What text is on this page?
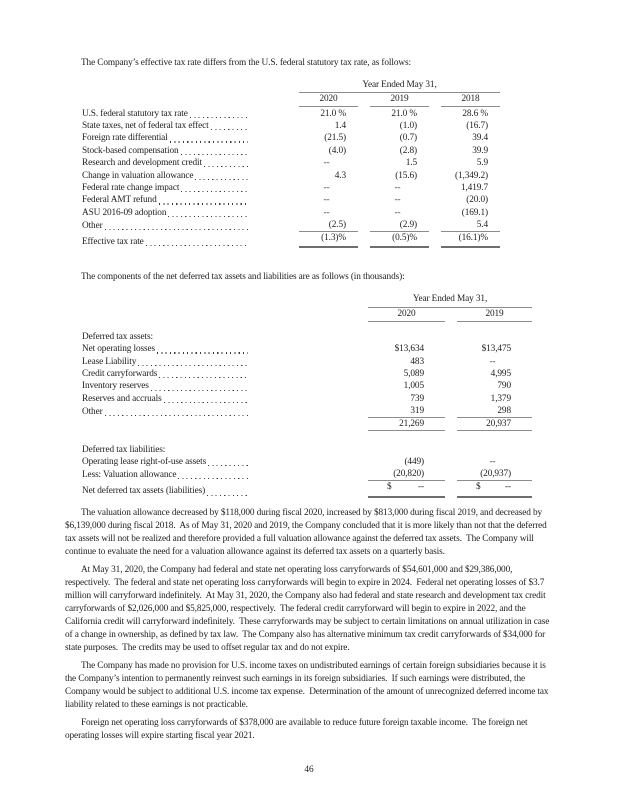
The Company’s effective tax rate differs from the U.S. federal statutory tax rate, as follows:

Year Ended May 31,
2020	2019	2018
U.S. federal statutory tax rate	21.0 %	21.0 %	28.6 %
State taxes, net of federal tax effect	1.4	(1.0)	(16.7)
Foreign rate differential	(21.5)	(0.7)	39.4
Stock-based compensation	(4.0)	(2.8)	39.9
Research and development credit	--	1.5	5.9
Change in valuation allowance	4.3	(15.6)	(1,349.2)
Federal rate change impact	--	--	1,419.7
Federal AMT refund	--	--	(20.0)
ASU 2016-09 adoption	--	--	(169.1)
Other	(2.5)	(2.9)	5.4
Effective tax rate	(1.3)%	(0.5)%	(16.1)%

The components of the net deferred tax assets and liabilities are as follows (in thousands):

Year Ended May 31,
2020	2019
Deferred tax assets:
Net operating losses	$13,634	$13,475
Lease Liability	483	--
Credit carryforwards	5,089	4,995
Inventory reserves	1,005	790
Reserves and accruals	739	1,379
Other	319	298
21,269	20,937
Deferred tax liabilities:
Operating lease right-of-use assets	(449)	--
Less: Valuation allowance	(20,820)	(20,937)
Net deferred tax assets (liabilities)	$	--	$	--

The valuation allowance decreased by $118,000 during fiscal 2020, increased by $813,000 during fiscal 2019, and decreased by $6,139,000 during fiscal 2018.  As of May 31, 2020 and 2019, the Company concluded that it is more likely than not that the deferred tax assets will not be realized and therefore provided a full valuation allowance against the deferred tax assets.  The Company will continue to evaluate the need for a valuation allowance against its deferred tax assets on a quarterly basis.

At May 31, 2020, the Company had federal and state net operating loss carryforwards of $54,601,000 and $29,386,000, respectively.  The federal and state net operating loss carryforwards will begin to expire in 2024.  Federal net operating losses of $3.7 million will carryforward indefinitely.  At May 31, 2020, the Company also had federal and state research and development tax credit carryforwards of $2,026,000 and $5,825,000, respectively.  The federal credit carryforward will begin to expire in 2022, and the California credit will carryforward indefinitely.  These carryforwards may be subject to certain limitations on annual utilization in case of a change in ownership, as defined by tax law.  The Company also has alternative minimum tax credit carryforwards of $34,000 for state purposes.  The credits may be used to offset regular tax and do not expire.

The Company has made no provision for U.S. income taxes on undistributed earnings of certain foreign subsidiaries because it is the Company’s intention to permanently reinvest such earnings in its foreign subsidiaries.  If such earnings were distributed, the Company would be subject to additional U.S. income tax expense.  Determination of the amount of unrecognized deferred income tax liability related to these earnings is not practicable.

Foreign net operating loss carryforwards of $378,000 are available to reduce future foreign taxable income.  The foreign net operating losses will expire starting fiscal year 2021.

46
